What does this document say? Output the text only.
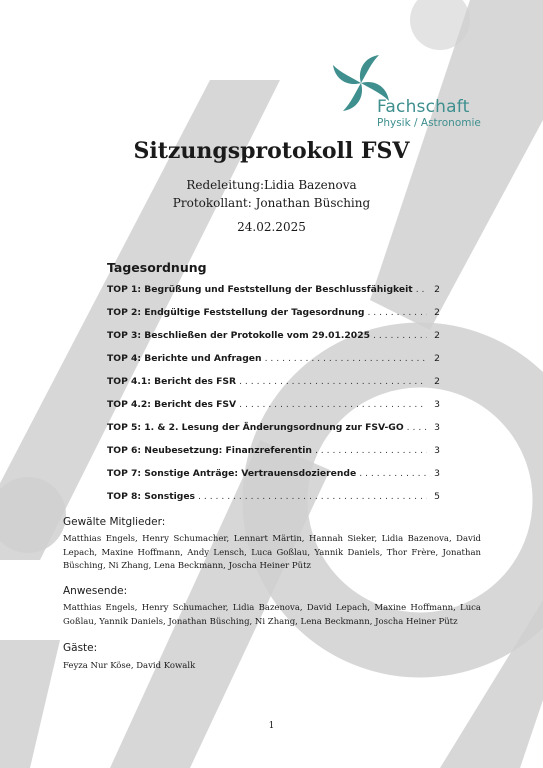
Fachschaft
Physik / Astronomie
Sitzungsprotokoll FSV
Redeleitung:Lidia Bazenova
Protokollant: Jonathan Büsching
24.02.2025
Tagesordnung
TOP 1: Begrüßung und Feststellung der Beschlussfähigkeit . . .	2
TOP 2: Endgültige Feststellung der Tagesordnung . . .	2
TOP 3: Beschließen der Protokolle vom 29.01.2025 . . .	2
TOP 4: Berichte und Anfragen . . .	2
TOP 4.1: Bericht des FSR . . .	2
TOP 4.2: Bericht des FSV . . .	3
TOP 5: 1. & 2. Lesung der Änderungsordnung zur FSV-GO . . .	3
TOP 6: Neubesetzung: Finanzreferentin . . .	3
TOP 7: Sonstige Anträge: Vertrauensdozierende . . .	3
TOP 8: Sonstiges . . .	5
Gewälte Mitglieder:
Matthias Engels, Henry Schumacher, Lennart Märtin, Hannah Sieker, Lidia Bazenova, David Lepach, Maxine Hoffmann, Andy Lensch, Luca Goßlau, Yannik Daniels, Thor Frère, Jonathan Büsching, Ni Zhang, Lena Beckmann, Joscha Heiner Pütz
Anwesende:
Matthias Engels, Henry Schumacher, Lidia Bazenova, David Lepach, Maxine Hoffmann, Luca Goßlau, Yannik Daniels, Jonathan Büsching, Ni Zhang, Lena Beckmann, Joscha Heiner Pütz
Gäste:
Feyza Nur Köse, David Kowalk
1
